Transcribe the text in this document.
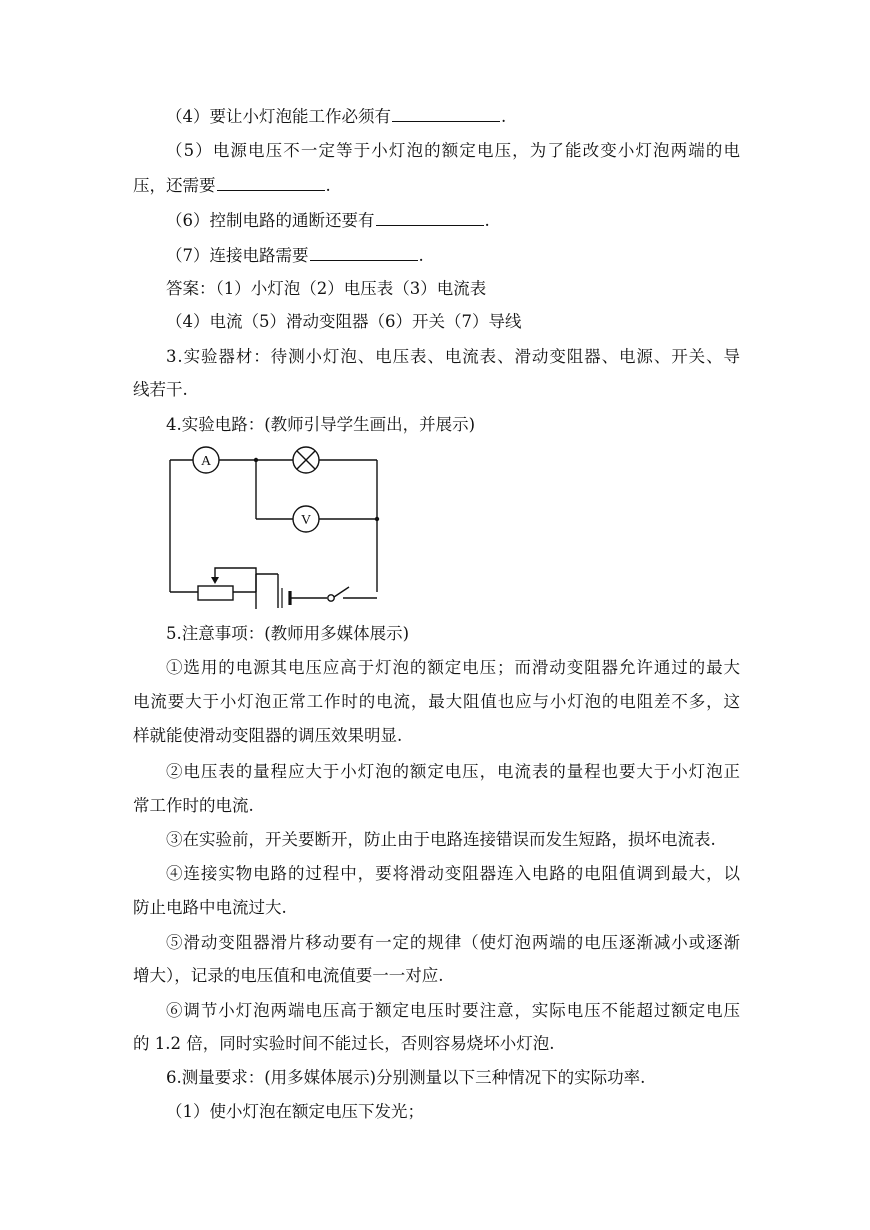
（4）要让小灯泡能工作必须有	.
（5）电源电压不一定等于小灯泡的额定电压，为了能改变小灯泡两端的电
压，还需要	.
（6）控制电路的通断还要有	.
（7）连接电路需要	.
答案：（1）小灯泡（2）电压表（3）电流表
（4）电流（5）滑动变阻器（6）开关（7）导线
3.实验器材：待测小灯泡、电压表、电流表、滑动变阻器、电源、开关、导
线若干.
4.实验电路：(教师引导学生画出，并展示)
A
V
5.注意事项：(教师用多媒体展示)
①选用的电源其电压应高于灯泡的额定电压；而滑动变阻器允许通过的最大
电流要大于小灯泡正常工作时的电流，最大阻值也应与小灯泡的电阻差不多，这
样就能使滑动变阻器的调压效果明显.
②电压表的量程应大于小灯泡的额定电压，电流表的量程也要大于小灯泡正
常工作时的电流.
③在实验前，开关要断开，防止由于电路连接错误而发生短路，损坏电流表.
④连接实物电路的过程中，要将滑动变阻器连入电路的电阻值调到最大，以
防止电路中电流过大.
⑤滑动变阻器滑片移动要有一定的规律（使灯泡两端的电压逐渐减小或逐渐
增大），记录的电压值和电流值要一一对应.
⑥调节小灯泡两端电压高于额定电压时要注意，实际电压不能超过额定电压
的 1.2 倍，同时实验时间不能过长，否则容易烧坏小灯泡.
6.测量要求：(用多媒体展示)分别测量以下三种情况下的实际功率.
（1）使小灯泡在额定电压下发光；
